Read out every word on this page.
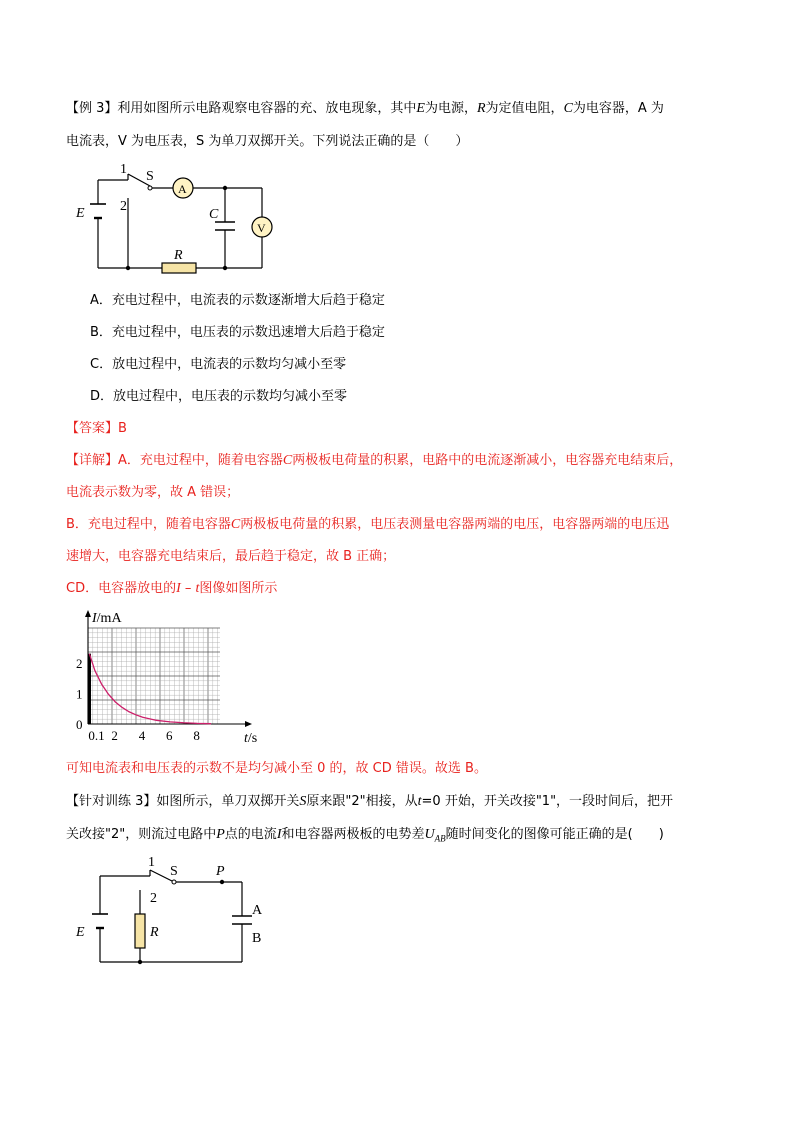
【例 3】利用如图所示电路观察电容器的充、放电现象，其中E为电源，R为定值电阻，C为电容器，A 为
电流表，V 为电压表，S 为单刀双掷开关。下列说法正确的是（　　）
1
2
S
A
C
V
E
R
A．充电过程中，电流表的示数逐渐增大后趋于稳定
B．充电过程中，电压表的示数迅速增大后趋于稳定
C．放电过程中，电流表的示数均匀减小至零
D．放电过程中，电压表的示数均匀减小至零
【答案】B
【详解】A．充电过程中，随着电容器C两极板电荷量的积累，电路中的电流逐渐减小，电容器充电结束后，
电流表示数为零，故 A 错误；
B．充电过程中，随着电容器C两极板电荷量的积累，电压表测量电容器两端的电压，电容器两端的电压迅
速增大，电容器充电结束后，最后趋于稳定，故 B 正确；
CD．电容器放电的I – t图像如图所示
0.1 2 4 6 8
0
1
2
I/mA
t/s
可知电流表和电压表的示数不是均匀减小至 0 的，故 CD 错误。故选 B。
【针对训练 3】如图所示，单刀双掷开关S原来跟"2"相接，从t=0 开始，开关改接"1"，一段时间后，把开
关改接"2"，则流过电路中P点的电流I和电容器两极板的电势差$U_{AB}$随时间变化的图像可能正确的是(　　)
1
2
S	P
A
B
E	R
